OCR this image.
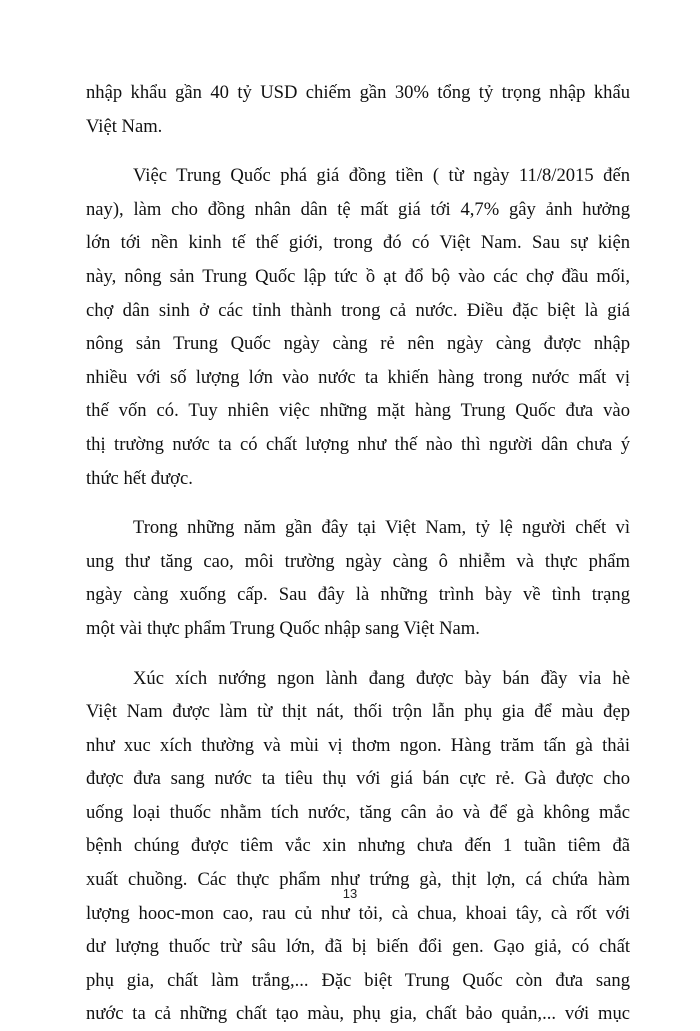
nhập khẩu gần 40 tỷ USD chiếm gần 30% tổng tỷ trọng nhập khẩu
Việt Nam.

Việc Trung Quốc phá giá đồng tiền ( từ ngày 11/8/2015 đến
nay), làm cho đồng nhân dân tệ mất giá tới 4,7% gây ảnh hưởng
lớn tới nền kinh tế thế giới, trong đó có Việt Nam. Sau sự kiện
này, nông sản Trung Quốc lập tức ồ ạt đổ bộ vào các chợ đầu mối,
chợ dân sinh ở các tỉnh thành trong cả nước. Điều đặc biệt là giá
nông sản Trung Quốc ngày càng rẻ nên ngày càng được nhập
nhiều với số lượng lớn vào nước ta khiến hàng trong nước mất vị
thế vốn có. Tuy nhiên việc những mặt hàng Trung Quốc đưa vào
thị trường nước ta có chất lượng như thế nào thì người dân chưa ý
thức hết được.

Trong những năm gần đây tại Việt Nam, tỷ lệ người chết vì
ung thư tăng cao, môi trường ngày càng ô nhiễm và thực phẩm
ngày càng xuống cấp. Sau đây là những trình bày về tình trạng
một vài thực phẩm Trung Quốc nhập sang Việt Nam.

Xúc xích nướng ngon lành đang được bày bán đầy vỉa hè
Việt Nam được làm từ thịt nát, thối trộn lẫn phụ gia để màu đẹp
như xuc xích thường và mùi vị thơm ngon. Hàng trăm tấn gà thải
được đưa sang nước ta tiêu thụ với giá bán cực rẻ. Gà được cho
uống loại thuốc nhằm tích nước, tăng cân ảo và để gà không mắc
bệnh chúng được tiêm vắc xin nhưng chưa đến 1 tuần tiêm đã
xuất chuồng. Các thực phẩm như trứng gà, thịt lợn, cá chứa hàm
lượng hooc-mon cao, rau củ như tỏi, cà chua, khoai tây, cà rốt với
dư lượng thuốc trừ sâu lớn, đã bị biến đổi gen. Gạo giả, có chất
phụ gia, chất làm trắng,... Đặc biệt Trung Quốc còn đưa sang
nước ta cả những chất tạo màu, phụ gia, chất bảo quản,... với mục

13
